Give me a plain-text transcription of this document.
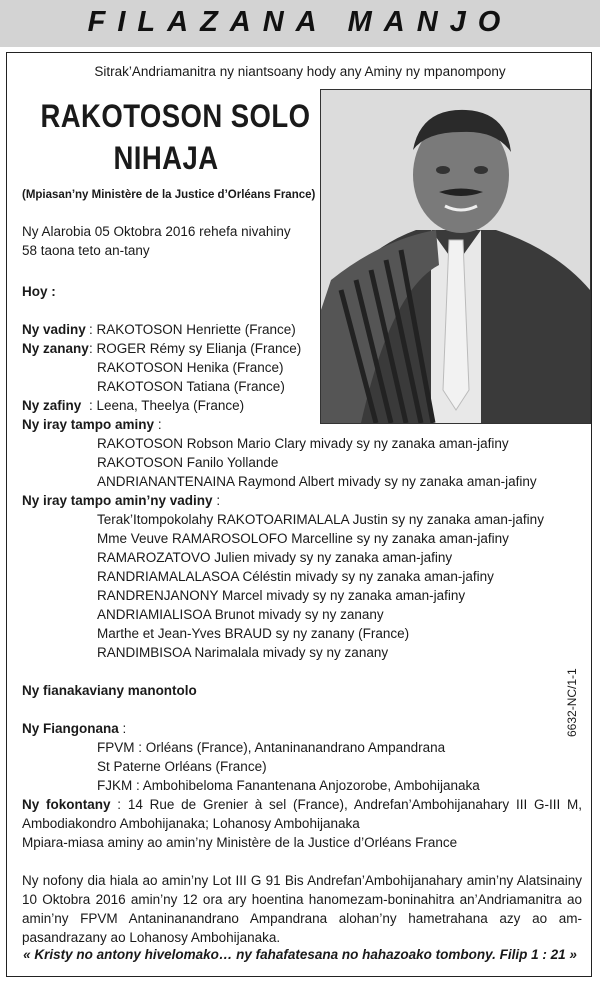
FILAZANA MANJO
Sitrak’Andriamanitra ny niantsoany hody any Aminy ny mpanompony
RAKOTOSON SOLO
NIHAJA
(Mpiasan’ny Ministère de la Justice d’Orléans France)
Ny Alarobia 05 Oktobra 2016 rehefa nivahiny
58 taona teto an-tany
Hoy :
Ny vadiny : RAKOTOSON Henriette (France)
Ny zanany : ROGER Rémy sy Elianja (France)
RAKOTOSON Henika (France)
RAKOTOSON Tatiana (France)
Ny zafiny : Leena, Theelya (France)
Ny iray tampo aminy :
RAKOTOSON Robson Mario Clary mivady sy ny zanaka aman-jafiny
RAKOTOSON Fanilo Yollande
ANDRIANANTENAINA Raymond Albert mivady sy ny zanaka aman-jafiny
Ny iray tampo amin’ny vadiny :
Terak’Itompokolahy RAKOTOARIMALALA Justin sy ny zanaka aman-jafiny
Mme Veuve RAMAROSOLOFO Marcelline sy ny zanaka aman-jafiny
RAMAROZATOVO Julien mivady sy ny zanaka aman-jafiny
RANDRIAMALALASOA Céléstin mivady sy ny zanaka aman-jafiny
RANDRENJANONY Marcel mivady sy ny zanaka aman-jafiny
ANDRIAMIALISOA Brunot mivady sy ny zanany
Marthe et Jean-Yves BRAUD sy ny zanany (France)
RANDIMBISOA Narimalala mivady sy ny zanany
Ny fianakaviany manontolo
Ny Fiangonana :
FPVM : Orléans (France), Antaninanandrano Ampandrana
St Paterne Orléans (France)
FJKM : Ambohibeloma Fanantenana Anjozorobe, Ambohijanaka
Ny fokontany : 14 Rue de Grenier à sel (France), Andrefan’Ambohijanahary III G-III M, Ambodiakondro Ambohijanaka; Lohanosy Ambohijanaka
Mpiara-miasa aminy ao amin’ny Ministère de la Justice d’Orléans France
Ny nofony dia hiala ao amin’ny Lot III G 91 Bis Andrefan’Ambohijanahary amin’ny Alatsinainy 10 Oktobra 2016 amin’ny 12 ora ary hoentina hanomezam-boninahitra an’Andriamanitra ao amin’ny FPVM Antaninanandrano Ampandrana alohan’ny hametrahana azy ao am-pasandrazany ao Lohanosy Ambohijanaka.
« Kristy no antony hivelomako… ny fahafatesana no hahazoako tombony. Filip 1 : 21 »
6632-NC/1-1
